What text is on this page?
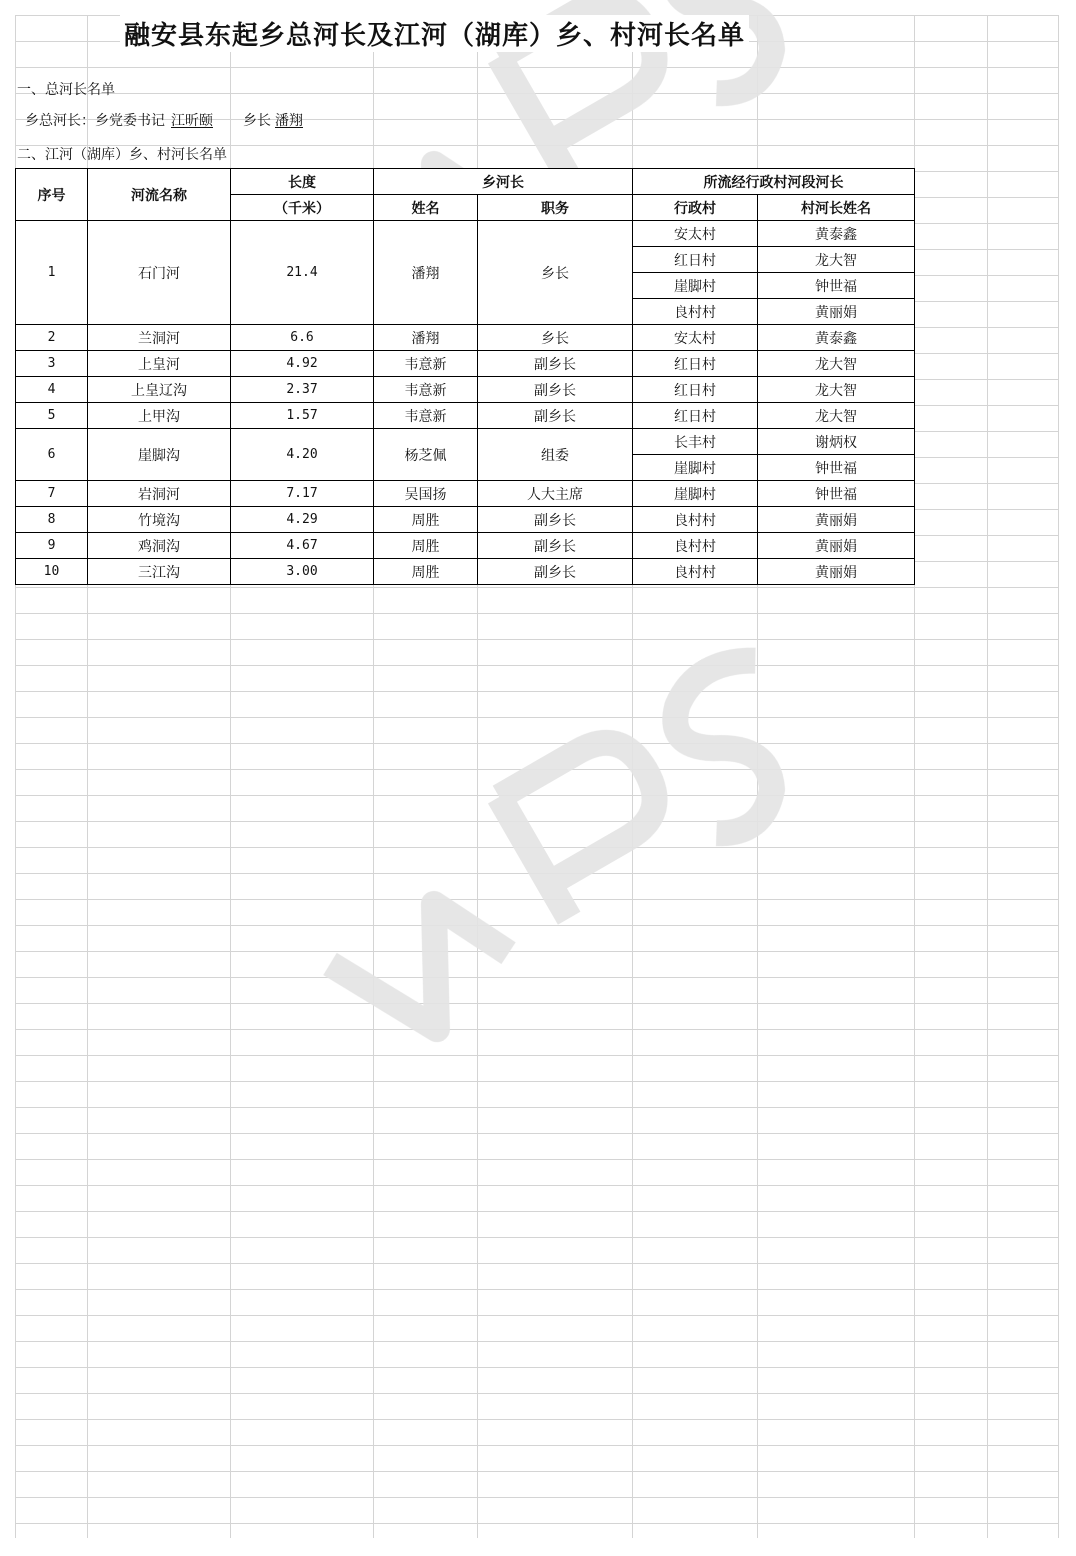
融安县东起乡总河长及江河（湖库）乡、村河长名单
一、总河长名单
乡总河长：乡党委书记 江昕颐 乡长 潘翔
二、江河（湖库）乡、村河长名单
序号	河流名称	长度	乡河长		所流经行政村河段河长	
		（千米）	姓名	职务	行政村	村河长姓名
1	石门河	21.4	潘翔	乡长	安太村	黄泰鑫
					红日村	龙大智
					崖脚村	钟世福
					良村村	黄丽娟
2	兰洞河	6.6	潘翔	乡长	安太村	黄泰鑫
3	上皇河	4.92	韦意新	副乡长	红日村	龙大智
4	上皇辽沟	2.37	韦意新	副乡长	红日村	龙大智
5	上甲沟	1.57	韦意新	副乡长	红日村	龙大智
6	崖脚沟	4.20	杨芝佩	组委	长丰村	谢炳权
					崖脚村	钟世福
7	岩洞河	7.17	吴国扬	人大主席	崖脚村	钟世福
8	竹境沟	4.29	周胜	副乡长	良村村	黄丽娟
9	鸡洞沟	4.67	周胜	副乡长	良村村	黄丽娟
10	三江沟	3.00	周胜	副乡长	良村村	黄丽娟
